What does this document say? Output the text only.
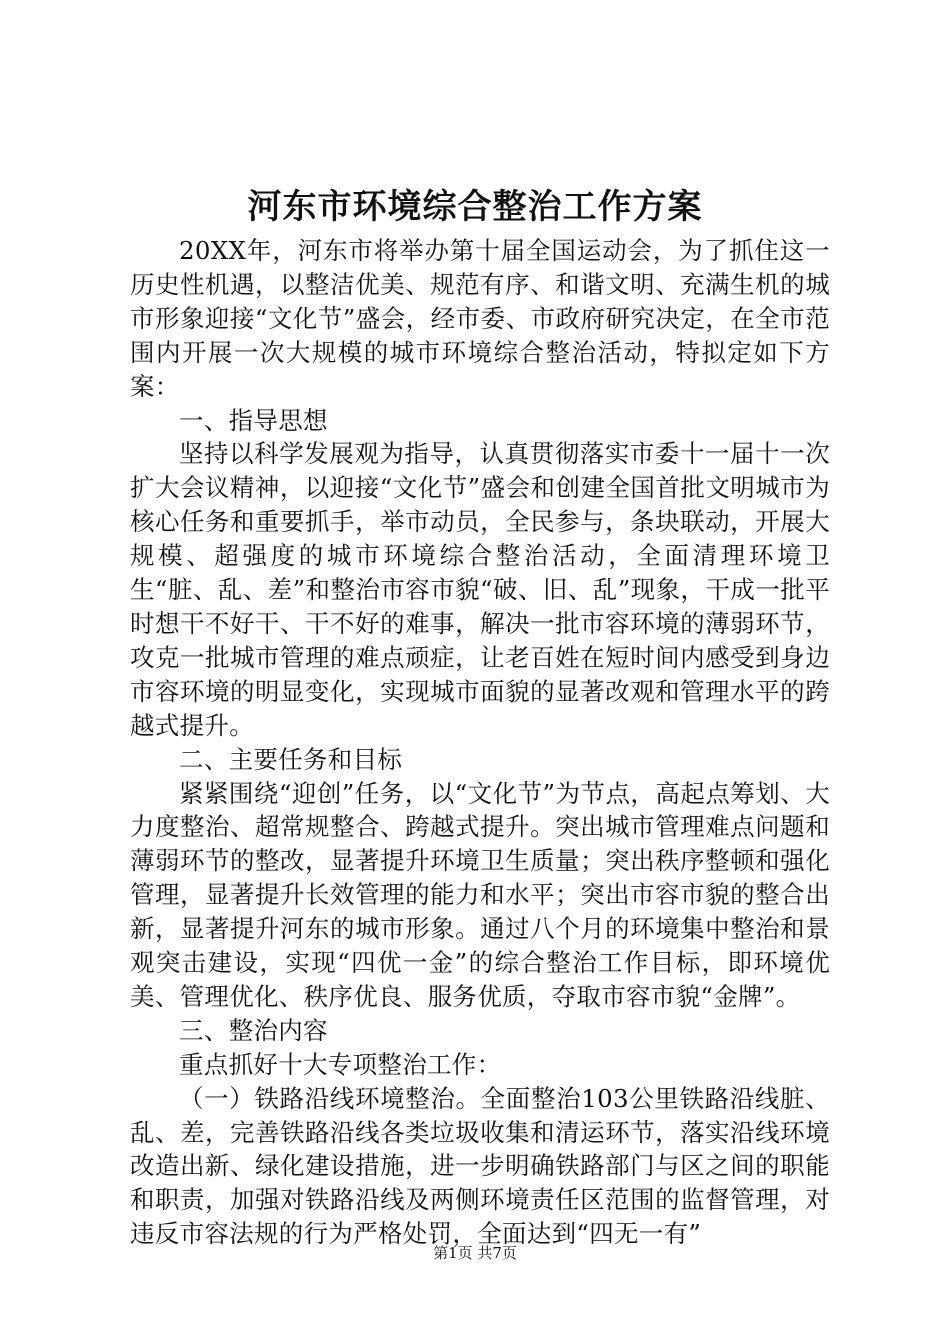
河东市环境综合整治工作方案

20XX年，河东市将举办第十届全国运动会，为了抓住这一历史性机遇，以整洁优美、规范有序、和谐文明、充满生机的城市形象迎接“文化节”盛会，经市委、市政府研究决定，在全市范围内开展一次大规模的城市环境综合整治活动，特拟定如下方案：

一、指导思想

坚持以科学发展观为指导，认真贯彻落实市委十一届十一次扩大会议精神，以迎接“文化节”盛会和创建全国首批文明城市为核心任务和重要抓手，举市动员，全民参与，条块联动，开展大规模、超强度的城市环境综合整治活动，全面清理环境卫生“脏、乱、差”和整治市容市貌“破、旧、乱”现象，干成一批平时想干不好干、干不好的难事，解决一批市容环境的薄弱环节，攻克一批城市管理的难点顽症，让老百姓在短时间内感受到身边市容环境的明显变化，实现城市面貌的显著改观和管理水平的跨越式提升。

二、主要任务和目标

紧紧围绕“迎创”任务，以“文化节”为节点，高起点筹划、大力度整治、超常规整合、跨越式提升。突出城市管理难点问题和薄弱环节的整改，显著提升环境卫生质量；突出秩序整顿和强化管理，显著提升长效管理的能力和水平；突出市容市貌的整合出新，显著提升河东的城市形象。通过八个月的环境集中整治和景观突击建设，实现“四优一金”的综合整治工作目标，即环境优美、管理优化、秩序优良、服务优质，夺取市容市貌“金牌”。

三、整治内容

重点抓好十大专项整治工作：

（一）铁路沿线环境整治。全面整治103公里铁路沿线脏、乱、差，完善铁路沿线各类垃圾收集和清运环节，落实沿线环境改造出新、绿化建设措施，进一步明确铁路部门与区之间的职能和职责，加强对铁路沿线及两侧环境责任区范围的监督管理，对违反市容法规的行为严格处罚，全面达到“四无一有”

第1页 共7页
